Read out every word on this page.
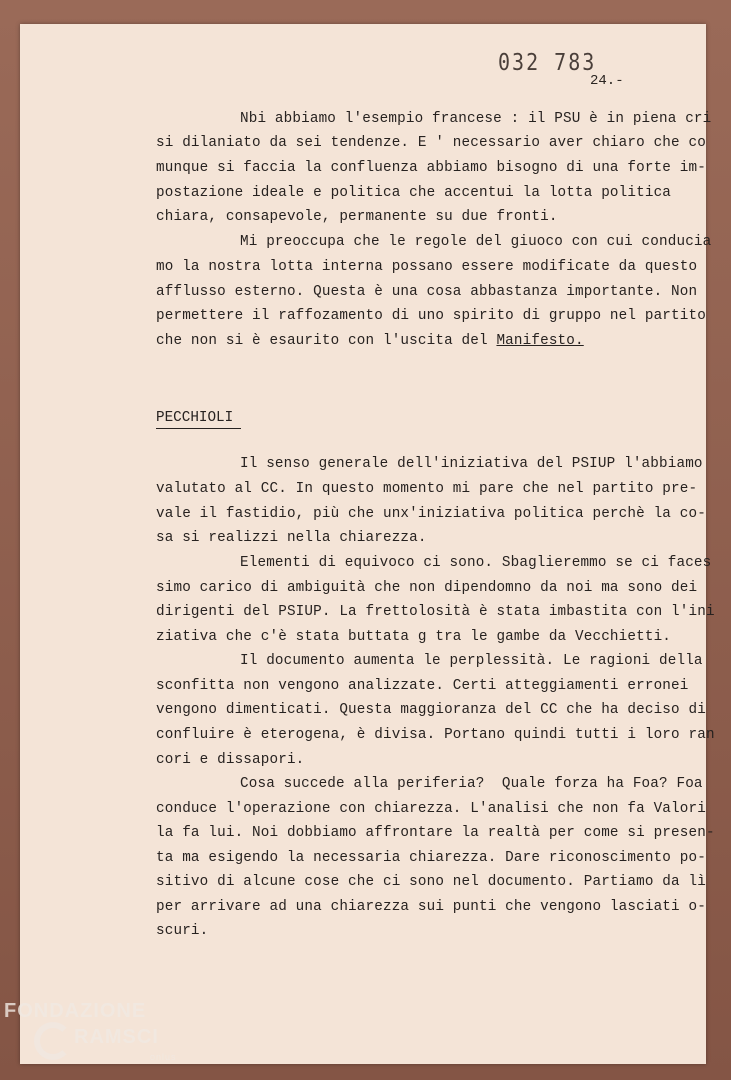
032 783
24.-
Nbi abbiamo l'esempio francese : il PSU è in piena cri
si dilaniato da sei tendenze. E ' necessario aver chiaro che co
munque si faccia la confluenza abbiamo bisogno di una forte im-
postazione ideale e politica che accentui la lotta politica
chiara, consapevole, permanente su due fronti.
Mi preoccupa che le regole del giuoco con cui conducia
mo la nostra lotta interna possano essere modificate da questo
afflusso esterno. Questa è una cosa abbastanza importante. Non
permettere il raffozamento di uno spirito di gruppo nel partito
che non si è esaurito con l'uscita del Manifesto.
PECCHIOLI
Il senso generale dell'iniziativa del PSIUP l'abbiamo
valutato al CC. In questo momento mi pare che nel partito pre-
vale il fastidio, più che unx'iniziativa politica perchè la co-
sa si realizzi nella chiarezza.
Elementi di equivoco ci sono. Sbaglieremmo se ci faces
simo carico di ambiguità che non dipendomno da noi ma sono dei
dirigenti del PSIUP. La frettolosità è stata imbastita con l'ini
ziativa che c'è stata buttata g tra le gambe da Vecchietti.
Il documento aumenta le perplessità. Le ragioni della
sconfitta non vengono analizzate. Certi atteggiamenti erronei
vengono dimenticati. Questa maggioranza del CC che ha deciso di
confluire è eterogena, è divisa. Portano quindi tutti i loro ran
cori e dissapori.
Cosa succede alla periferia?  Quale forza ha Foa? Foa
conduce l'operazione con chiarezza. L'analisi che non fa Valori
la fa lui. Noi dobbiamo affrontare la realtà per come si presen-
ta ma esigendo la necessaria chiarezza. Dare riconoscimento po-
sitivo di alcune cose che ci sono nel documento. Partiamo da lì
per arrivare ad una chiarezza sui punti che vengono lasciati o-
scuri.
FONDAZIONE
RAMSCI
onlus
